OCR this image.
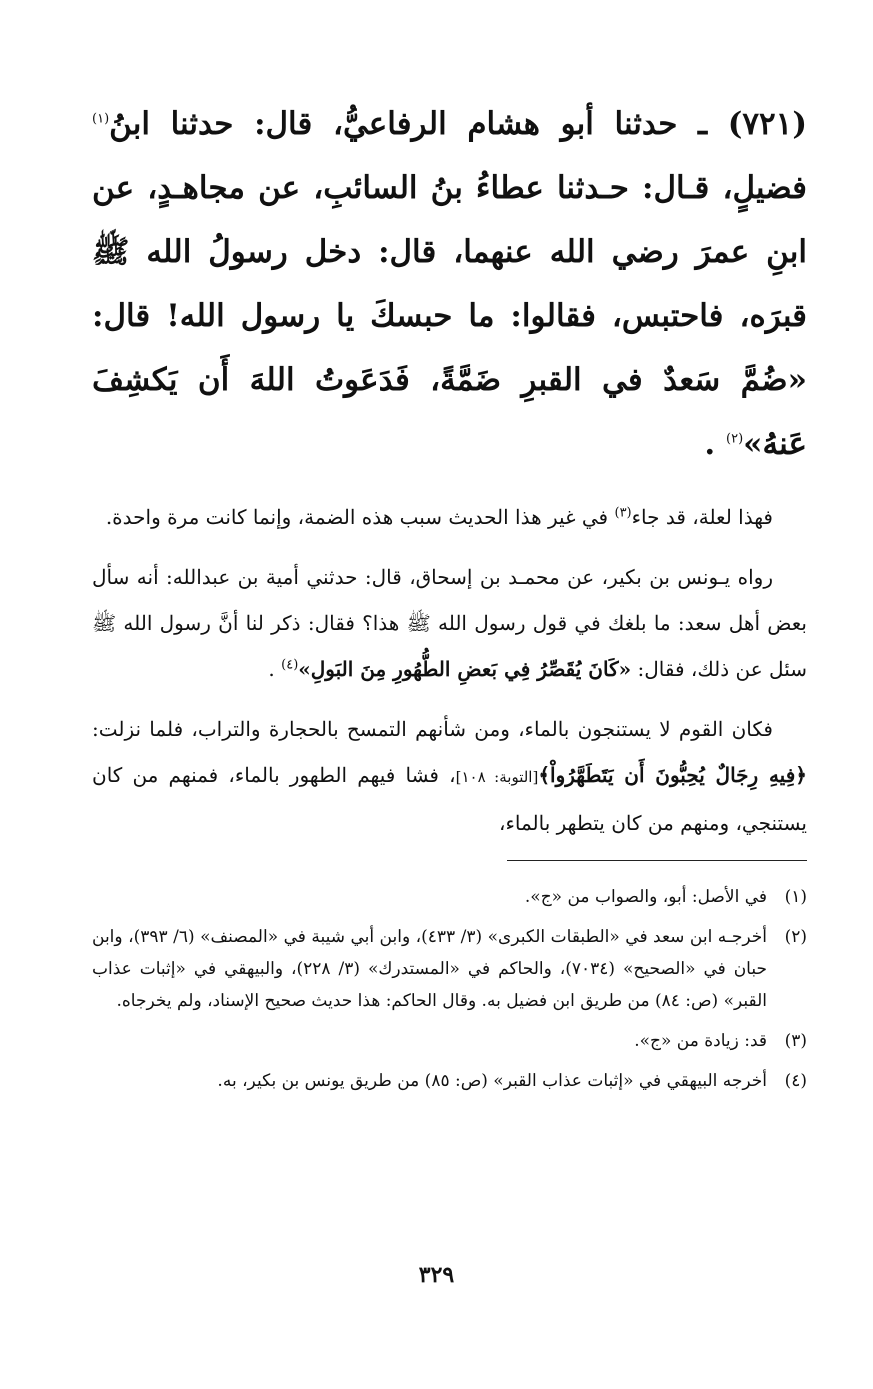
(٧٢١) ـ حدثنا أبو هشام الرفاعيُّ، قال: حدثنا ابنُ$^{(١)}$ فضيلٍ، قـال: حـدثنا عطاءُ بنُ السائبِ، عن مجاهـدٍ، عن ابنِ عمرَ رضي الله عنهما، قال: دخل رسولُ الله ﷺ قبرَه، فاحتبس، فقالوا: ما حبسكَ يا رسول الله! قال: «ضُمَّ سَعدٌ في القبرِ ضَمَّةً، فَدَعَوتُ اللهَ أَن يَكشِفَ عَنهُ»$^{(٢)}$ .

فهذا لعلة، قد جاء$^{(٣)}$ في غير هذا الحديث سبب هذه الضمة، وإنما كانت مرة واحدة.

رواه يـونس بن بكير، عن محمـد بن إسحاق، قال: حدثني أمية بن عبدالله: أنه سأل بعض أهل سعد: ما بلغك في قول رسول الله ﷺ هذا؟ فقال: ذكر لنا أنَّ رسول الله ﷺ سئل عن ذلك، فقال: «كَانَ يُقَصِّرُ فِي بَعضِ الطُّهُورِ مِنَ البَولِ»$^{(٤)}$ .

فكان القوم لا يستنجون بالماء، ومن شأنهم التمسح بالحجارة والتراب، فلما نزلت: ﴿فِيهِ رِجَالٌ يُحِبُّونَ أَن يَتَطَهَّرُواْ﴾[التوبة: ١٠٨]، فشا فيهم الطهور بالماء، فمنهم من كان يستنجي، ومنهم من كان يتطهر بالماء،

(١)
في الأصل: أبو، والصواب من «ج».
(٢)
أخرجـه ابن سعد في «الطبقات الكبرى» (٣/ ٤٣٣)، وابن أبي شيبة في «المصنف» (٦/ ٣٩٣)، وابن حبان في «الصحيح» (٧٠٣٤)، والحاكم في «المستدرك» (٣/ ٢٢٨)، والبيهقي في «إثبات عذاب القبر» (ص: ٨٤) من طريق ابن فضيل به. وقال الحاكم: هذا حديث صحيح الإسناد، ولم يخرجاه.
(٣)
قد: زيادة من «ج».
(٤)
أخرجه البيهقي في «إثبات عذاب القبر» (ص: ٨٥) من طريق يونس بن بكير، به.
٣٢٩
